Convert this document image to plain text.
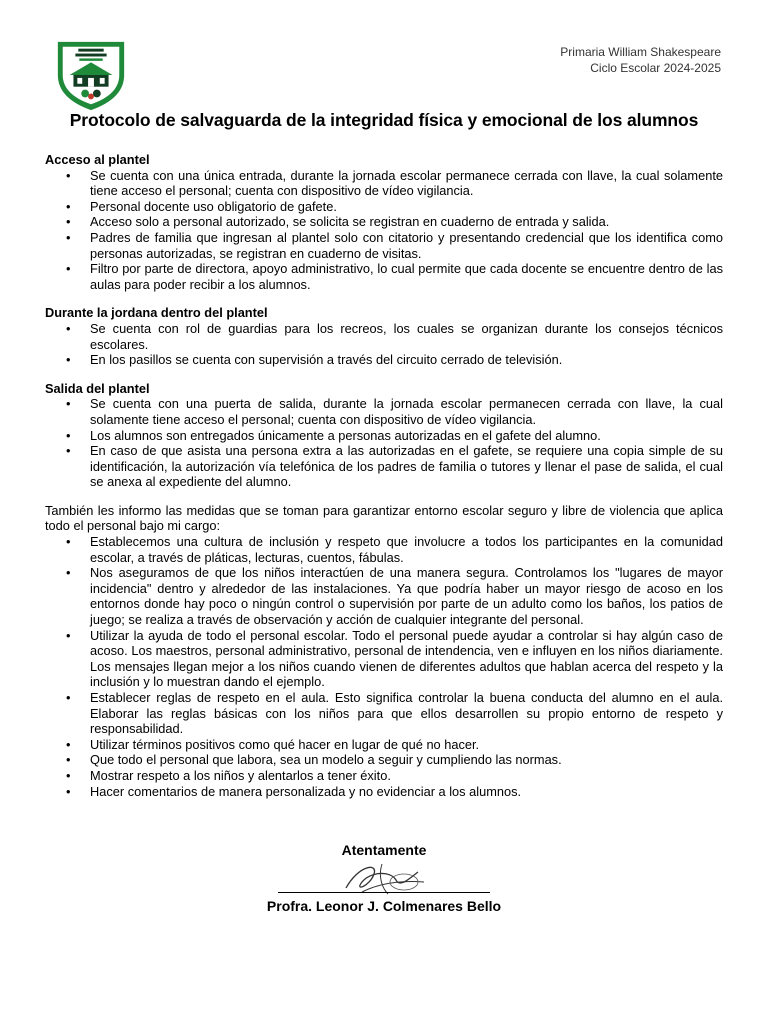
Primaria William Shakespeare
Ciclo Escolar 2024-2025
Protocolo de salvaguarda de la integridad física y emocional de los alumnos
Acceso al plantel
• Se cuenta con una única entrada, durante la jornada escolar permanece cerrada con llave, la cual solamente tiene acceso el personal; cuenta con dispositivo de vídeo vigilancia.
• Personal docente uso obligatorio de gafete.
• Acceso solo a personal autorizado, se solicita se registran en cuaderno de entrada y salida.
• Padres de familia que ingresan al plantel solo con citatorio y presentando credencial que los identifica como personas autorizadas, se registran en cuaderno de visitas.
• Filtro por parte de directora, apoyo administrativo, lo cual permite que cada docente se encuentre dentro de las aulas para poder recibir a los alumnos.
Durante la jordana dentro del plantel
• Se cuenta con rol de guardias para los recreos, los cuales se organizan durante los consejos técnicos escolares.
• En los pasillos se cuenta con supervisión a través del circuito cerrado de televisión.
Salida del plantel
• Se cuenta con una puerta de salida, durante la jornada escolar permanecen cerrada con llave, la cual solamente tiene acceso el personal; cuenta con dispositivo de vídeo vigilancia.
• Los alumnos son entregados únicamente a personas autorizadas en el gafete del alumno.
• En caso de que asista una persona extra a las autorizadas en el gafete, se requiere una copia simple de su identificación, la autorización vía telefónica de los padres de familia o tutores y llenar el pase de salida, el cual se anexa al expediente del alumno.
También les informo las medidas que se toman para garantizar entorno escolar seguro y libre de violencia que aplica todo el personal bajo mi cargo:
• Establecemos una cultura de inclusión y respeto que involucre a todos los participantes en la comunidad escolar, a través de pláticas, lecturas, cuentos, fábulas.
• Nos aseguramos de que los niños interactúen de una manera segura. Controlamos los "lugares de mayor incidencia" dentro y alrededor de las instalaciones. Ya que podría haber un mayor riesgo de acoso en los entornos donde hay poco o ningún control o supervisión por parte de un adulto como los baños, los patios de juego; se realiza a través de observación y acción de cualquier integrante del personal.
• Utilizar la ayuda de todo el personal escolar. Todo el personal puede ayudar a controlar si hay algún caso de acoso. Los maestros, personal administrativo, personal de intendencia, ven e influyen en los niños diariamente. Los mensajes llegan mejor a los niños cuando vienen de diferentes adultos que hablan acerca del respeto y la inclusión y lo muestran dando el ejemplo.
• Establecer reglas de respeto en el aula. Esto significa controlar la buena conducta del alumno en el aula. Elaborar las reglas básicas con los niños para que ellos desarrollen su propio entorno de respeto y responsabilidad.
• Utilizar términos positivos como qué hacer en lugar de qué no hacer.
• Que todo el personal que labora, sea un modelo a seguir y cumpliendo las normas.
• Mostrar respeto a los niños y alentarlos a tener éxito.
• Hacer comentarios de manera personalizada y no evidenciar a los alumnos.
Atentamente
Profra. Leonor J. Colmenares Bello
